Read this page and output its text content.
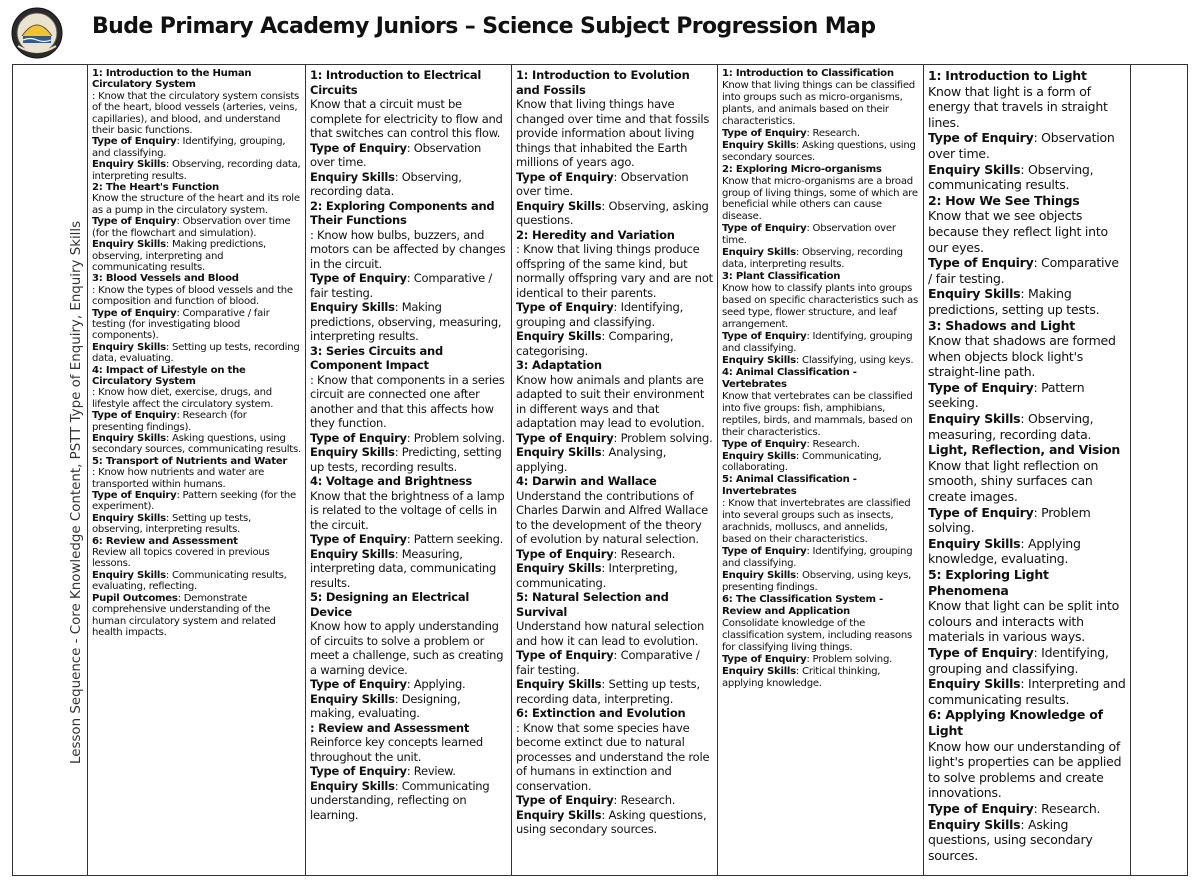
Bude Primary Academy Juniors – Science Subject Progression Map
Lesson Sequence - Core Knowledge Content, PSTT Type of Enquiry, Enquiry Skills

1: Introduction to the Human Circulatory System
: Know that the circulatory system consists of the heart, blood vessels (arteries, veins, capillaries), and blood, and understand their basic functions.

Type of Enquiry: Identifying, grouping, and classifying.

Enquiry Skills: Observing, recording data, interpreting results.

2: The Heart's Function
Know the structure of the heart and its role as a pump in the circulatory system.

Type of Enquiry: Observation over time (for the flowchart and simulation).

Enquiry Skills: Making predictions, observing, interpreting and communicating results.

3: Blood Vessels and Blood
: Know the types of blood vessels and the composition and function of blood.

Type of Enquiry: Comparative / fair testing (for investigating blood components).

Enquiry Skills: Setting up tests, recording data, evaluating.

4: Impact of Lifestyle on the Circulatory System
: Know how diet, exercise, drugs, and lifestyle affect the circulatory system.

Type of Enquiry: Research (for presenting findings).

Enquiry Skills: Asking questions, using secondary sources, communicating results.

5: Transport of Nutrients and Water
: Know how nutrients and water are transported within humans.

Type of Enquiry: Pattern seeking (for the experiment).

Enquiry Skills: Setting up tests, observing, interpreting results.

6: Review and Assessment
Review all topics covered in previous lessons.

Enquiry Skills: Communicating results, evaluating, reflecting.

Pupil Outcomes: Demonstrate comprehensive understanding of the human circulatory system and related health impacts.

1: Introduction to Electrical Circuits
Know that a circuit must be complete for electricity to flow and that switches can control this flow.

Type of Enquiry: Observation over time.

Enquiry Skills: Observing, recording data.

2: Exploring Components and Their Functions
: Know how bulbs, buzzers, and motors can be affected by changes in the circuit.

Type of Enquiry: Comparative / fair testing.

Enquiry Skills: Making predictions, observing, measuring, interpreting results.

3: Series Circuits and Component Impact
: Know that components in a series circuit are connected one after another and that this affects how they function.

Type of Enquiry: Problem solving.

Enquiry Skills: Predicting, setting up tests, recording results.

4: Voltage and Brightness
Know that the brightness of a lamp is related to the voltage of cells in the circuit.

Type of Enquiry: Pattern seeking.

Enquiry Skills: Measuring, interpreting data, communicating results.

5: Designing an Electrical Device
Know how to apply understanding of circuits to solve a problem or meet a challenge, such as creating a warning device.

Type of Enquiry: Applying.

Enquiry Skills: Designing, making, evaluating.

: Review and Assessment
Reinforce key concepts learned throughout the unit.

Type of Enquiry: Review.

Enquiry Skills: Communicating understanding, reflecting on learning.

1: Introduction to Evolution and Fossils
Know that living things have changed over time and that fossils provide information about living things that inhabited the Earth millions of years ago.

Type of Enquiry: Observation over time.

Enquiry Skills: Observing, asking questions.

2: Heredity and Variation
: Know that living things produce offspring of the same kind, but normally offspring vary and are not identical to their parents.

Type of Enquiry: Identifying, grouping and classifying.

Enquiry Skills: Comparing, categorising.

3: Adaptation
Know how animals and plants are adapted to suit their environment in different ways and that adaptation may lead to evolution.

Type of Enquiry: Problem solving.

Enquiry Skills: Analysing, applying.

4: Darwin and Wallace
Understand the contributions of Charles Darwin and Alfred Wallace to the development of the theory of evolution by natural selection.

Type of Enquiry: Research.

Enquiry Skills: Interpreting, communicating.

5: Natural Selection and Survival
Understand how natural selection and how it can lead to evolution.

Type of Enquiry: Comparative / fair testing.

Enquiry Skills: Setting up tests, recording data, interpreting.

6: Extinction and Evolution
: Know that some species have become extinct due to natural processes and understand the role of humans in extinction and conservation.

Type of Enquiry: Research.

Enquiry Skills: Asking questions, using secondary sources.

1: Introduction to Classification
Know that living things can be classified into groups such as micro-organisms, plants, and animals based on their characteristics.

Type of Enquiry: Research.

Enquiry Skills: Asking questions, using secondary sources.

2: Exploring Micro-organisms
Know that micro-organisms are a broad group of living things, some of which are beneficial while others can cause disease.

Type of Enquiry: Observation over time.

Enquiry Skills: Observing, recording data, interpreting results.

3: Plant Classification
Know how to classify plants into groups based on specific characteristics such as seed type, flower structure, and leaf arrangement.

Type of Enquiry: Identifying, grouping and classifying.

Enquiry Skills: Classifying, using keys.

4: Animal Classification - Vertebrates
Know that vertebrates can be classified into five groups: fish, amphibians, reptiles, birds, and mammals, based on their characteristics.

Type of Enquiry: Research.

Enquiry Skills: Communicating, collaborating.

5: Animal Classification - Invertebrates
: Know that invertebrates are classified into several groups such as insects, arachnids, molluscs, and annelids, based on their characteristics.

Type of Enquiry: Identifying, grouping and classifying.

Enquiry Skills: Observing, using keys, presenting findings.

6: The Classification System - Review and Application
Consolidate knowledge of the classification system, including reasons for classifying living things.

Type of Enquiry: Problem solving.

Enquiry Skills: Critical thinking, applying knowledge.

1: Introduction to Light
Know that light is a form of energy that travels in straight lines.

Type of Enquiry: Observation over time.

Enquiry Skills: Observing, communicating results.

2: How We See Things
Know that we see objects because they reflect light into our eyes.

Type of Enquiry: Comparative / fair testing.

Enquiry Skills: Making predictions, setting up tests.

3: Shadows and Light
Know that shadows are formed when objects block light's straight-line path.

Type of Enquiry: Pattern seeking.

Enquiry Skills: Observing, measuring, recording data.

Light, Reflection, and Vision
Know that light reflection on smooth, shiny surfaces can create images.

Type of Enquiry: Problem solving.

Enquiry Skills: Applying knowledge, evaluating.

5: Exploring Light Phenomena
Know that light can be split into colours and interacts with materials in various ways.

Type of Enquiry: Identifying, grouping and classifying.

Enquiry Skills: Interpreting and communicating results.

6: Applying Knowledge of Light
Know how our understanding of light's properties can be applied to solve problems and create innovations.

Type of Enquiry: Research.

Enquiry Skills: Asking questions, using secondary sources.
